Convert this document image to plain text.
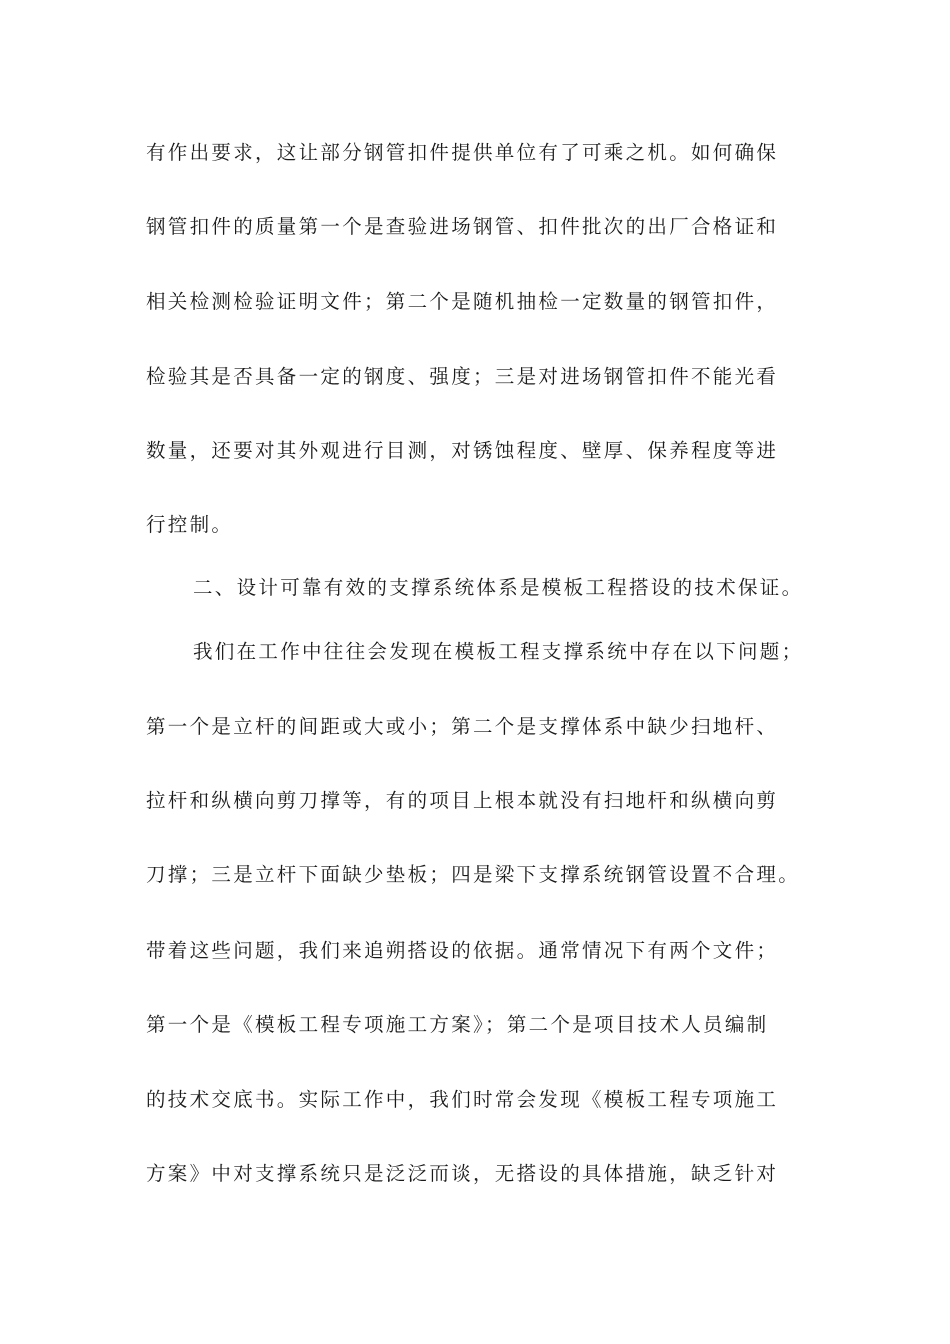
有作出要求，这让部分钢管扣件提供单位有了可乘之机。如何确保
钢管扣件的质量第一个是查验进场钢管、扣件批次的出厂合格证和
相关检测检验证明文件；第二个是随机抽检一定数量的钢管扣件，
检验其是否具备一定的钢度、强度；三是对进场钢管扣件不能光看
数量，还要对其外观进行目测，对锈蚀程度、壁厚、保养程度等进
行控制。
二、设计可靠有效的支撑系统体系是模板工程搭设的技术保证。
我们在工作中往往会发现在模板工程支撑系统中存在以下问题；
第一个是立杆的间距或大或小；第二个是支撑体系中缺少扫地杆、
拉杆和纵横向剪刀撑等，有的项目上根本就没有扫地杆和纵横向剪
刀撑；三是立杆下面缺少垫板；四是梁下支撑系统钢管设置不合理。
带着这些问题，我们来追朔搭设的依据。通常情况下有两个文件；
第一个是《模板工程专项施工方案》；第二个是项目技术人员编制
的技术交底书。实际工作中，我们时常会发现《模板工程专项施工
方案》中对支撑系统只是泛泛而谈，无搭设的具体措施，缺乏针对
